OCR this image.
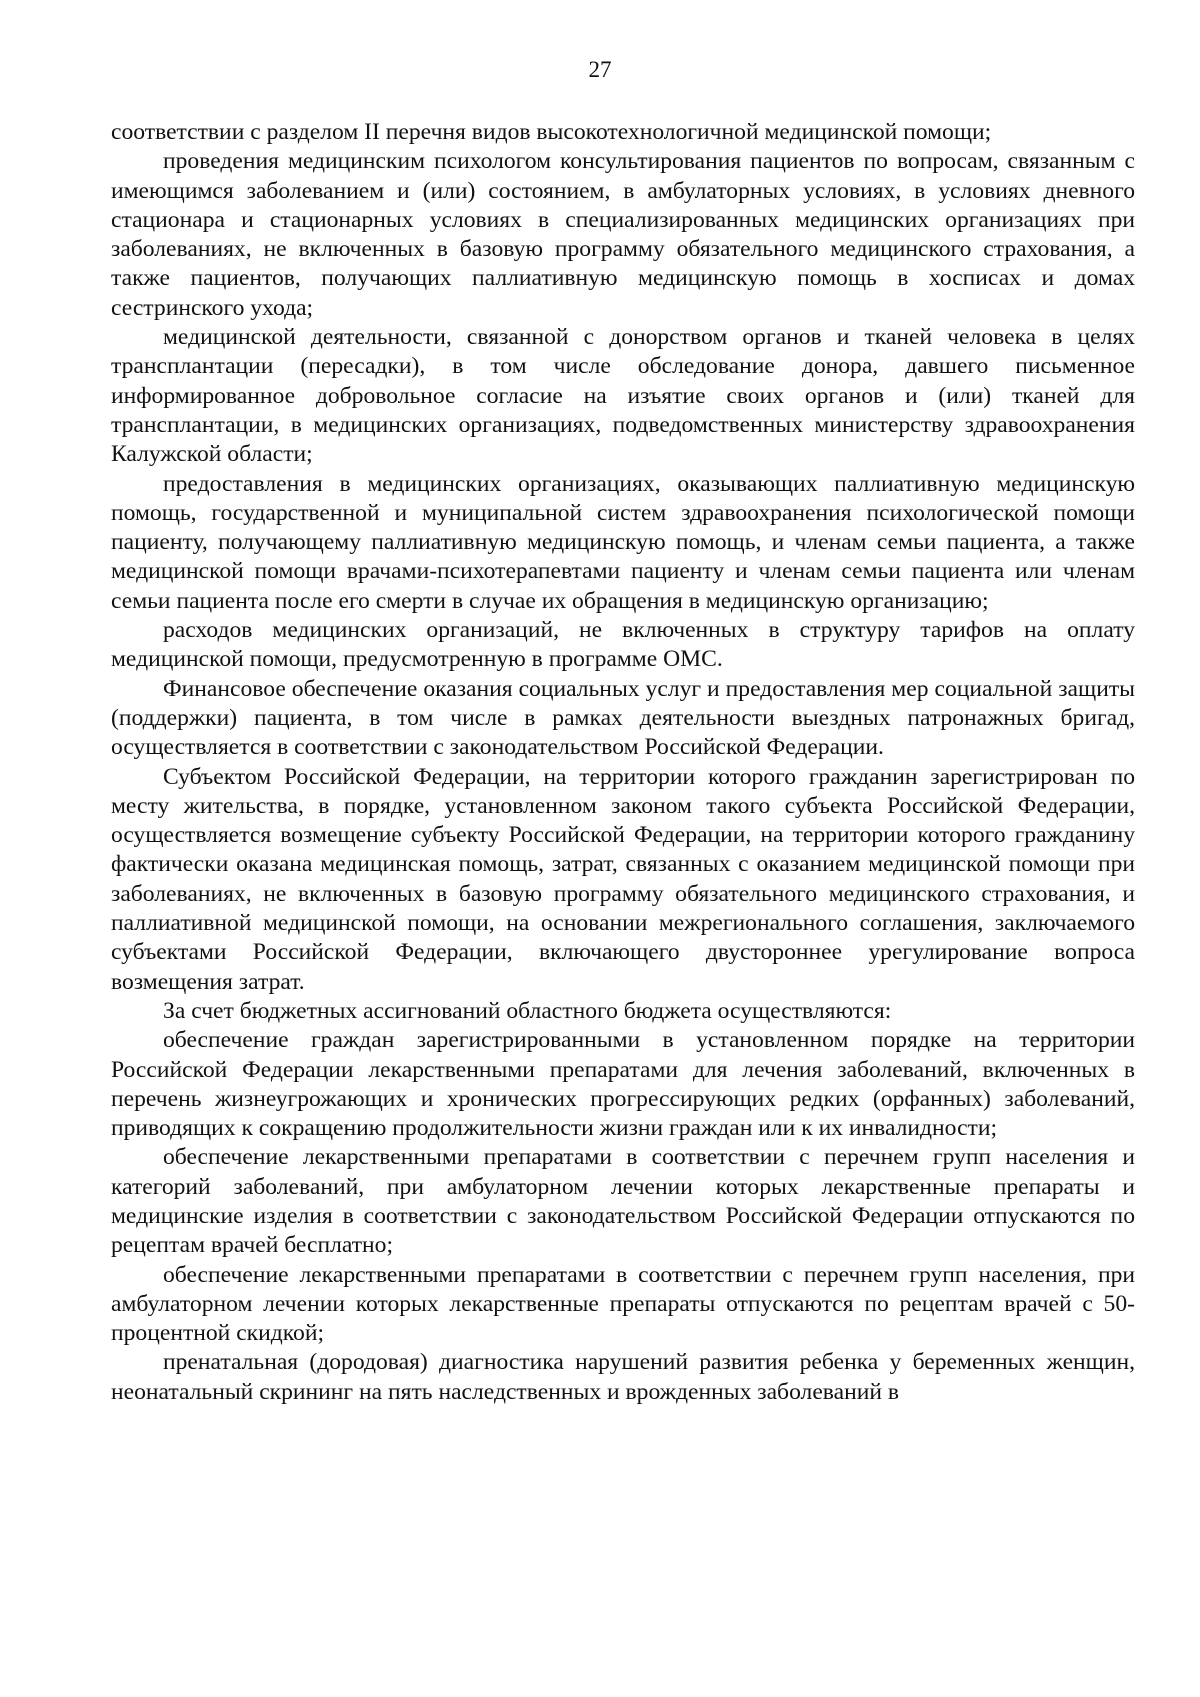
27

соответствии с разделом II перечня видов высокотехнологичной медицинской помощи;

проведения медицинским психологом консультирования пациентов по вопросам, связанным с имеющимся заболеванием и (или) состоянием, в амбулаторных условиях, в условиях дневного стационара и стационарных условиях в специализированных медицинских организациях при заболеваниях, не включенных в базовую программу обязательного медицинского страхования, а также пациентов, получающих паллиативную медицинскую помощь в хосписах и домах сестринского ухода;

медицинской деятельности, связанной с донорством органов и тканей человека в целях трансплантации (пересадки), в том числе обследование донора, давшего письменное информированное добровольное согласие на изъятие своих органов и (или) тканей для трансплантации, в медицинских организациях, подведомственных министерству здравоохранения Калужской области;

предоставления в медицинских организациях, оказывающих паллиативную медицинскую помощь, государственной и муниципальной систем здравоохранения психологической помощи пациенту, получающему паллиативную медицинскую помощь, и членам семьи пациента, а также медицинской помощи врачами-психотерапевтами пациенту и членам семьи пациента или членам семьи пациента после его смерти в случае их обращения в медицинскую организацию;

расходов медицинских организаций, не включенных в структуру тарифов на оплату медицинской помощи, предусмотренную в программе ОМС.

Финансовое обеспечение оказания социальных услуг и предоставления мер социальной защиты (поддержки) пациента, в том числе в рамках деятельности выездных патронажных бригад, осуществляется в соответствии с законодательством Российской Федерации.

Субъектом Российской Федерации, на территории которого гражданин зарегистрирован по месту жительства, в порядке, установленном законом такого субъекта Российской Федерации, осуществляется возмещение субъекту Российской Федерации, на территории которого гражданину фактически оказана медицинская помощь, затрат, связанных с оказанием медицинской помощи при заболеваниях, не включенных в базовую программу обязательного медицинского страхования, и паллиативной медицинской помощи, на основании межрегионального соглашения, заключаемого субъектами Российской Федерации, включающего двустороннее урегулирование вопроса возмещения затрат.

За счет бюджетных ассигнований областного бюджета осуществляются:

обеспечение граждан зарегистрированными в установленном порядке на территории Российской Федерации лекарственными препаратами для лечения заболеваний, включенных в перечень жизнеугрожающих и хронических прогрессирующих редких (орфанных) заболеваний, приводящих к сокращению продолжительности жизни граждан или к их инвалидности;

обеспечение лекарственными препаратами в соответствии с перечнем групп населения и категорий заболеваний, при амбулаторном лечении которых лекарственные препараты и медицинские изделия в соответствии с законодательством Российской Федерации отпускаются по рецептам врачей бесплатно;

обеспечение лекарственными препаратами в соответствии с перечнем групп населения, при амбулаторном лечении которых лекарственные препараты отпускаются по рецептам врачей с 50-процентной скидкой;

пренатальная (дородовая) диагностика нарушений развития ребенка у беременных женщин, неонатальный скрининг на пять наследственных и врожденных заболеваний в
